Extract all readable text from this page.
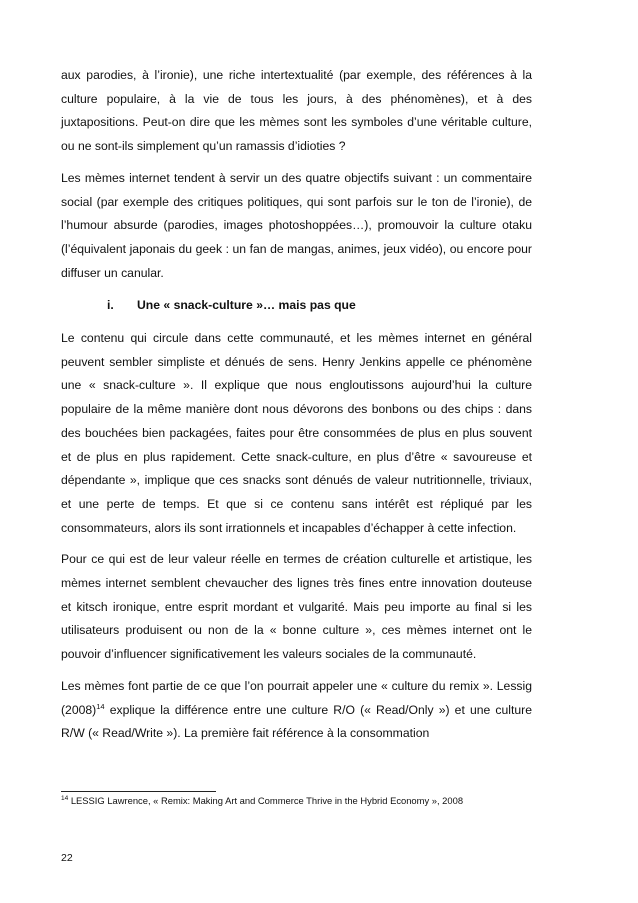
aux parodies, à l’ironie), une riche intertextualité (par exemple, des références à la culture populaire, à la vie de tous les jours, à des phénomènes), et à des juxtapositions. Peut-on dire que les mèmes sont les symboles d’une véritable culture, ou ne sont-ils simplement qu’un ramassis d’idioties ?

Les mèmes internet tendent à servir un des quatre objectifs suivant : un commentaire social (par exemple des critiques politiques, qui sont parfois sur le ton de l’ironie), de l’humour absurde (parodies, images photoshoppées…), promouvoir la culture otaku (l’équivalent japonais du geek : un fan de mangas, animes, jeux vidéo), ou encore pour diffuser un canular.

i. Une « snack-culture »… mais pas que

Le contenu qui circule dans cette communauté, et les mèmes internet en général peuvent sembler simpliste et dénués de sens. Henry Jenkins appelle ce phénomène une « snack-culture ». Il explique que nous engloutissons aujourd’hui la culture populaire de la même manière dont nous dévorons des bonbons ou des chips : dans des bouchées bien packagées, faites pour être consommées de plus en plus souvent et de plus en plus rapidement. Cette snack-culture, en plus d’être « savoureuse et dépendante », implique que ces snacks sont dénués de valeur nutritionnelle, triviaux, et une perte de temps. Et que si ce contenu sans intérêt est répliqué par les consommateurs, alors ils sont irrationnels et incapables d’échapper à cette infection.

Pour ce qui est de leur valeur réelle en termes de création culturelle et artistique, les mèmes internet semblent chevaucher des lignes très fines entre innovation douteuse et kitsch ironique, entre esprit mordant et vulgarité. Mais peu importe au final si les utilisateurs produisent ou non de la « bonne culture », ces mèmes internet ont le pouvoir d’influencer significativement les valeurs sociales de la communauté.

Les mèmes font partie de ce que l’on pourrait appeler une « culture du remix ». Lessig $(2008)^{14}$ explique la différence entre une culture R/O (« Read/Only ») et une culture R/W (« Read/Write »). La première fait référence à la consommation

$^{14}$ LESSIG Lawrence, « Remix: Making Art and Commerce Thrive in the Hybrid Economy », 2008
22
